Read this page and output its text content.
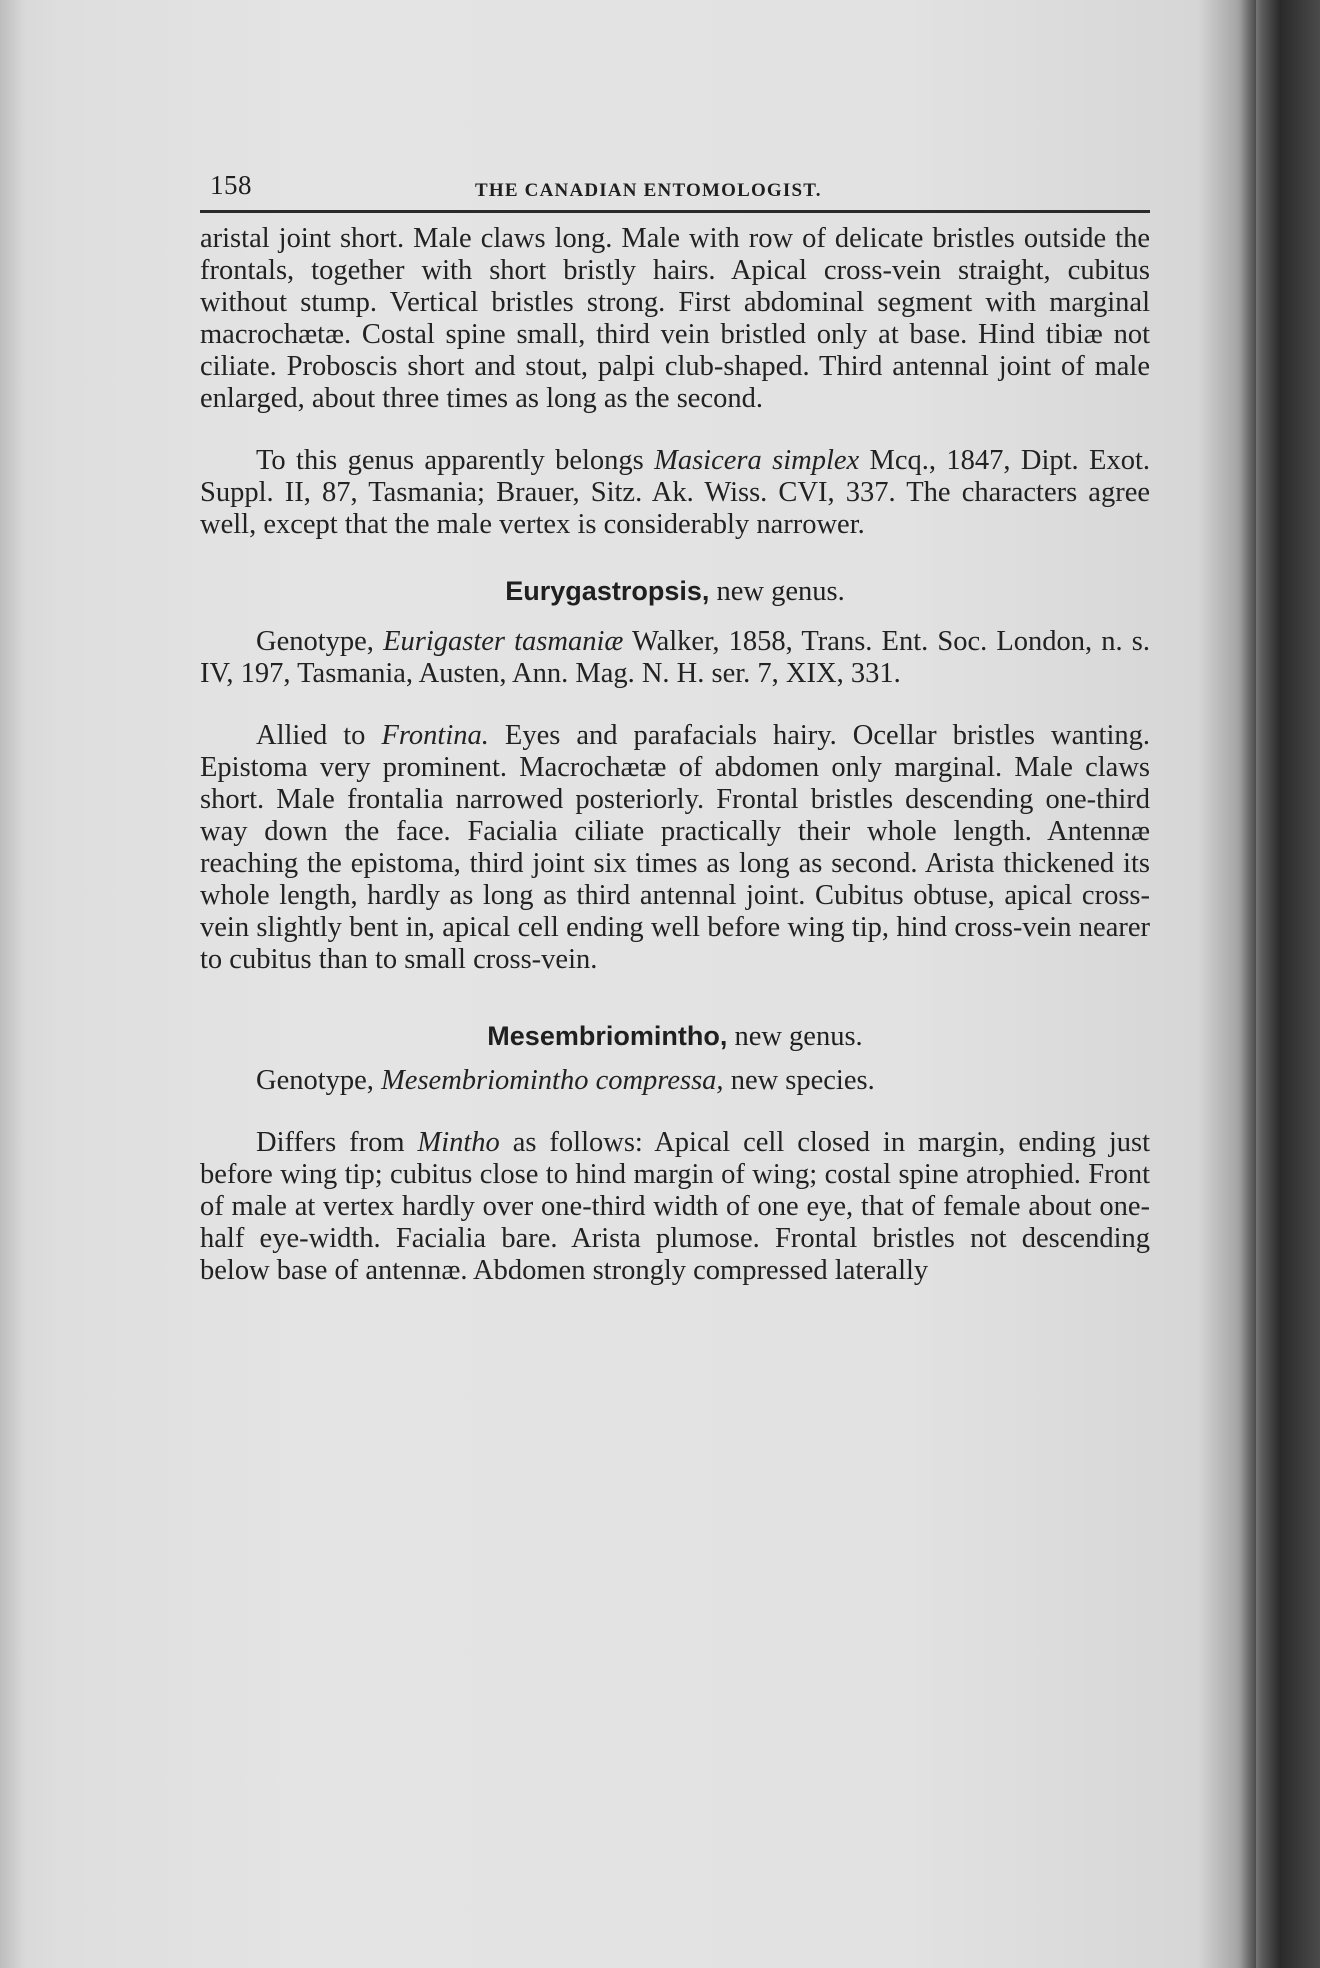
158	THE CANADIAN ENTOMOLOGIST.

aristal joint short. Male claws long. Male with row of delicate bristles outside the frontals, together with short bristly hairs. Apical cross-vein straight, cubitus without stump. Vertical bristles strong. First abdominal segment with marginal macrochætæ. Costal spine small, third vein bristled only at base. Hind tibiæ not ciliate. Proboscis short and stout, palpi club-shaped. Third antennal joint of male enlarged, about three times as long as the second.

To this genus apparently belongs Masicera simplex Mcq., 1847, Dipt. Exot. Suppl. II, 87, Tasmania; Brauer, Sitz. Ak. Wiss. CVI, 337. The characters agree well, except that the male vertex is considerably narrower.

Eurygastropsis, new genus.

Genotype, Eurigaster tasmaniæ Walker, 1858, Trans. Ent. Soc. London, n. s. IV, 197, Tasmania, Austen, Ann. Mag. N. H. ser. 7, XIX, 331.

Allied to Frontina. Eyes and parafacials hairy. Ocellar bristles wanting. Epistoma very prominent. Macrochætæ of abdomen only marginal. Male claws short. Male frontalia narrowed posteriorly. Frontal bristles descending one-third way down the face. Facialia ciliate practically their whole length. Antennæ reaching the epistoma, third joint six times as long as second. Arista thickened its whole length, hardly as long as third antennal joint. Cubitus obtuse, apical cross-vein slightly bent in, apical cell ending well before wing tip, hind cross-vein nearer to cubitus than to small cross-vein.

Mesembriomintho, new genus.

Genotype, Mesembriomintho compressa, new species.

Differs from Mintho as follows: Apical cell closed in margin, ending just before wing tip; cubitus close to hind margin of wing; costal spine atrophied. Front of male at vertex hardly over one-third width of one eye, that of female about one-half eye-width. Facialia bare. Arista plumose. Frontal bristles not descending below base of antennæ. Abdomen strongly compressed laterally
